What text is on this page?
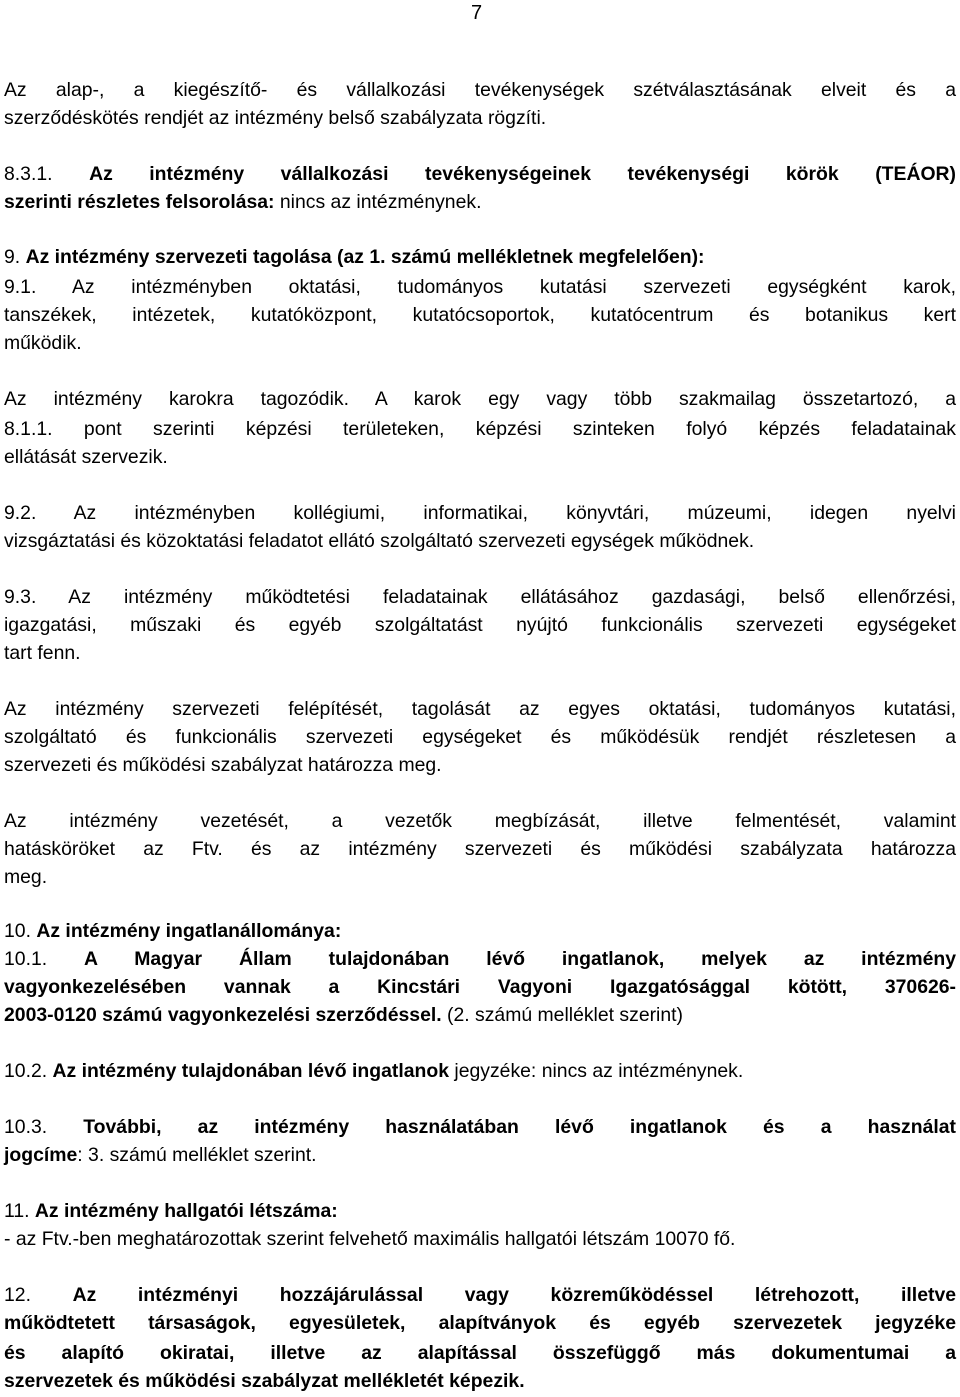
7
Az alap-, a kiegészítő- és vállalkozási tevékenységek szétválasztásának elveit és a
szerződéskötés rendjét az intézmény belső szabályzata rögzíti.
8.3.1. Az intézmény vállalkozási tevékenységeinek tevékenységi körök (TEÁOR)
szerinti részletes felsorolása: nincs az intézménynek.
9. Az intézmény szervezeti tagolása (az 1. számú mellékletnek megfelelően):
9.1. Az intézményben oktatási, tudományos kutatási szervezeti egységként karok,
tanszékek, intézetek, kutatóközpont, kutatócsoportok, kutatócentrum és botanikus kert
működik.
Az intézmény karokra tagozódik. A karok egy vagy több szakmailag összetartozó, a
8.1.1. pont szerinti képzési területeken, képzési szinteken folyó képzés feladatainak
ellátását szervezik.
9.2. Az intézményben kollégiumi, informatikai, könyvtári, múzeumi, idegen nyelvi
vizsgáztatási és közoktatási feladatot ellátó szolgáltató szervezeti egységek működnek.
9.3. Az intézmény működtetési feladatainak ellátásához gazdasági, belső ellenőrzési,
igazgatási, műszaki és egyéb szolgáltatást nyújtó funkcionális szervezeti egységeket
tart fenn.
Az intézmény szervezeti felépítését, tagolását az egyes oktatási, tudományos kutatási,
szolgáltató és funkcionális szervezeti egységeket és működésük rendjét részletesen a
szervezeti és működési szabályzat határozza meg.
Az intézmény vezetését, a vezetők megbízását, illetve felmentését, valamint
hatásköröket az Ftv. és az intézmény szervezeti és működési szabályzata határozza
meg.
10. Az intézmény ingatlanállománya:
10.1. A Magyar Állam tulajdonában lévő ingatlanok, melyek az intézmény
vagyonkezelésében vannak a Kincstári Vagyoni Igazgatósággal kötött, 370626-
2003-0120 számú vagyonkezelési szerződéssel. (2. számú melléklet szerint)
10.2. Az intézmény tulajdonában lévő ingatlanok jegyzéke: nincs az intézménynek.
10.3. További, az intézmény használatában lévő ingatlanok és a használat
jogcíme: 3. számú melléklet szerint.
11. Az intézmény hallgatói létszáma:
- az Ftv.-ben meghatározottak szerint felvehető maximális hallgatói létszám 10070 fő.
12. Az intézményi hozzájárulással vagy közreműködéssel létrehozott, illetve
működtetett társaságok, egyesületek, alapítványok és egyéb szervezetek jegyzéke
és alapító okiratai, illetve az alapítással összefüggő más dokumentumai a
szervezetek és működési szabályzat mellékletét képezik.
